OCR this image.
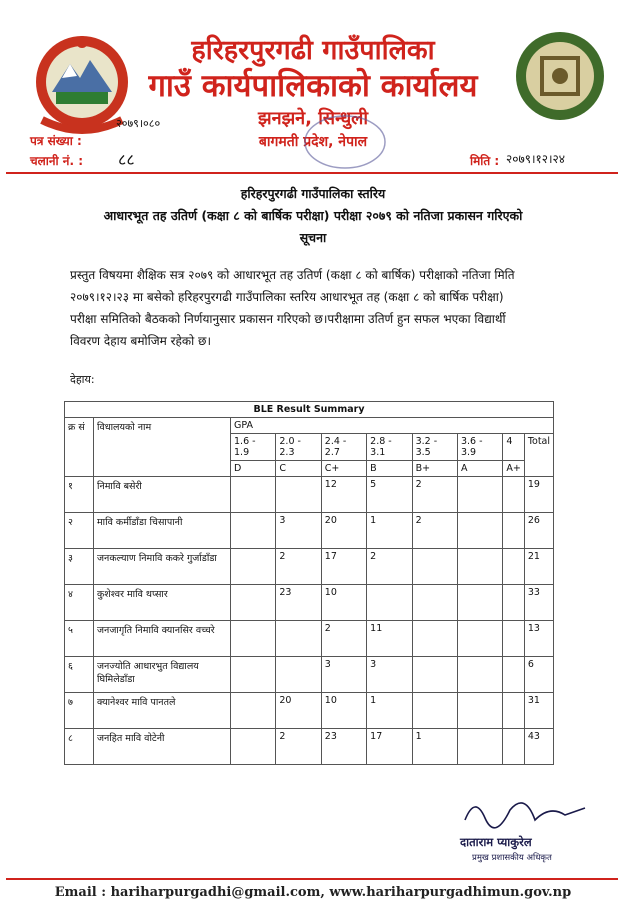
हरिहरपुरगढी गाउँपालिका
गाउँ कार्यपालिकाको कार्यालय
झनझने, सिन्धुली
बागमती प्रदेश, नेपाल
२०७९।०८०
पत्र संख्या :
चलानी नं. : ८८	मिति : २०७९।१२।२४
हरिहरपुरगढी गाउँपालिका स्तरिय
आधारभूत तह उतिर्ण (कक्षा ८ को बार्षिक परीक्षा) परीक्षा २०७९ को नतिजा प्रकासन गरिएको
सूचना
प्रस्तुत विषयमा शैक्षिक सत्र २०७९ को आधारभूत तह उतिर्ण (कक्षा ८ को बार्षिक) परीक्षाको नतिजा मिति
२०७९।१२।२३ मा बसेको हरिहरपुरगढी गाउँपालिका स्तरिय आधारभूत तह (कक्षा ८ को बार्षिक परीक्षा)
परीक्षा समितिको बैठकको निर्णयानुसार प्रकासन गरिएको छ।परीक्षामा उतिर्ण हुन सफल भएका विद्यार्थी
विवरण देहाय बमोजिम रहेको छ।
देहाय:
BLE Result Summary									
क्र सं	विधालयको नाम	GPA							
		1.6 - 1.9	2.0 - 2.3	2.4 - 2.7	2.8 - 3.1	3.2 - 3.5	3.6 - 3.9	4	Total
		D	C	C+	B	B+	A	A+	
१	निमावि बसेरी			12	5	2			19
२	मावि कर्मीडाँडा चिसापानी		3	20	1	2			26
३	जनकल्याण निमावि ककरे गुर्जाडाँडा		2	17	2				21
४	कुशेश्वर मावि थप्सार		23	10					33
५	जनजागृति निमावि क्यानसिर वच्चरे			2	11				13
६	जनज्योति आधारभुत विद्यालय घिमिलेडाँडा			3	3				6
७	क्यानेश्वर मावि पानतले		20	10	1				31
८	जनहित मावि वोटेनी		2	23	17	1			43
दाताराम प्याकुरेल
प्रमुख प्रशासकीय अधिकृत
Email : hariharpurgadhi@gmail.com, www.hariharpurgadhimun.gov.np
